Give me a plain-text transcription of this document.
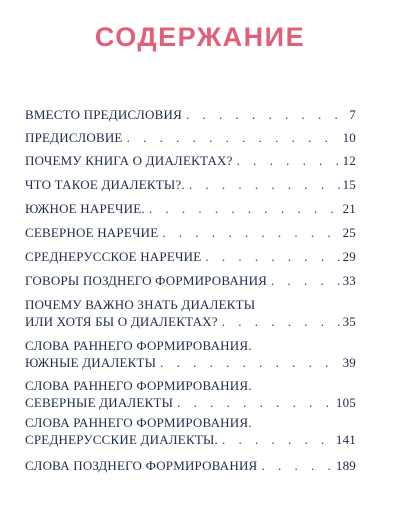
СОДЕРЖАНИЕ
ВМЕСТО ПРЕДИСЛОВИЯ . . .	7
ПРЕДИСЛОВИЕ . . .	10
ПОЧЕМУ КНИГА О ДИАЛЕКТАХ? . . .	12
ЧТО ТАКОЕ ДИАЛЕКТЫ?. . . .	15
ЮЖНОЕ НАРЕЧИЕ. . . .	21
СЕВЕРНОЕ НАРЕЧИЕ . . .	25
СРЕДНЕРУССКОЕ НАРЕЧИЕ . . .	29
ГОВОРЫ ПОЗДНЕГО ФОРМИРОВАНИЯ . . .	33
ПОЧЕМУ ВАЖНО ЗНАТЬ ДИАЛЕКТЫ
ИЛИ ХОТЯ БЫ О ДИАЛЕКТАХ? . . .	35
СЛОВА РАННЕГО ФОРМИРОВАНИЯ.
ЮЖНЫЕ ДИАЛЕКТЫ . . .	39
СЛОВА РАННЕГО ФОРМИРОВАНИЯ.
СЕВЕРНЫЕ ДИАЛЕКТЫ . . .	105
СЛОВА РАННЕГО ФОРМИРОВАНИЯ.
СРЕДНЕРУССКИЕ ДИАЛЕКТЫ. . . .	141
СЛОВА ПОЗДНЕГО ФОРМИРОВАНИЯ . . .	189
